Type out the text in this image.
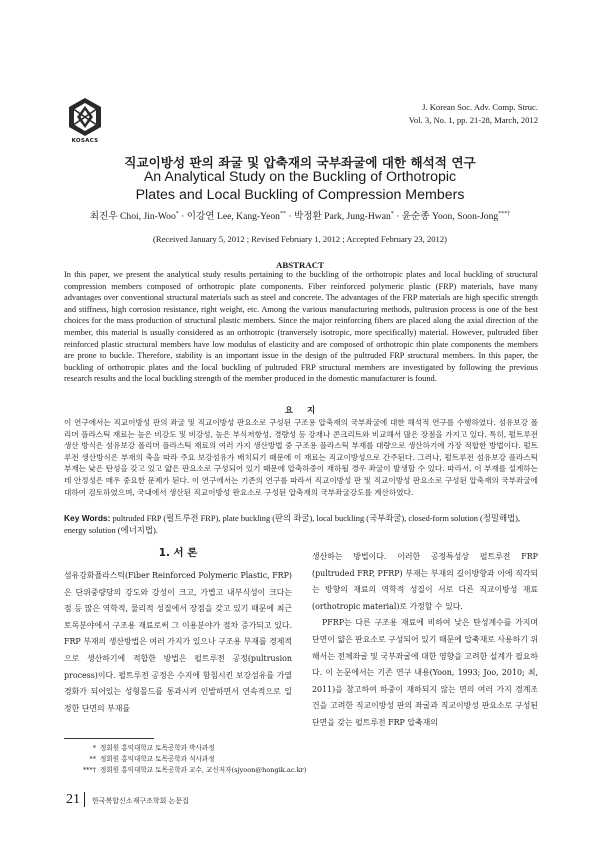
KOSACS
J. Korean Soc. Adv. Comp. Struc.
Vol. 3, No. 1, pp. 21-28, March, 2012
직교이방성 판의 좌굴 및 압축재의 국부좌굴에 대한 해석적 연구
An Analytical Study on the Buckling of Orthotropic
Plates and Local Buckling of Compression Members
최진우 Choi, Jin-Woo* · 이강연 Lee, Kang-Yeon** · 박정환 Park, Jung-Hwan* · 윤순종 Yoon, Soon-Jong***†
(Received January 5, 2012 ; Revised February 1, 2012 ; Accepted February 23, 2012)
ABSTRACT

In this paper, we present the analytical study results pertaining to the buckling of the orthotropic plates and local buckling of structural compression members composed of orthotropic plate components. Fiber reinforced polymeric plastic (FRP) materials, have many advantages over conventional structural materials such as steel and concrete. The advantages of the FRP materials are high specific strength and stiffness, high corrosion resistance, right weight, etc. Among the various manufacturing methods, pultrusion process is one of the best choices for the mass production of structural plastic members. Since the major reinforcing fibers are placed along the axial direction of the member, this material is usually considered as an orthotropic (tranversely isotropic, more specifically) material. However, pultruded fiber reinforced plastic structural members have low modulus of elasticity and are composed of orthotropic thin plate components the members are prone to buckle. Therefore, stability is an important issue in the design of the pultruded FRP structural members. In this paper, the buckling of orthotropic plates and the local buckling of pultruded FRP structural members are investigated by following the previous research results and the local buckling strength of the member produced in the domestic manufacturer is found.

요지

이 연구에서는 직교이방성 판의 좌굴 및 직교이방성 판요소로 구성된 구조용 압축재의 국부좌굴에 대한 해석적 연구를 수행하였다. 섬유보강 폴리머 플라스틱 재료는 높은 비강도 및 비강성, 높은 부식저항성, 경량성 등 강재나 콘크리트와 비교해서 많은 장점을 가지고 있다. 특히, 펄트루전 생산 방식은 섬유보강 폴리머 플라스틱 재료의 여러 가지 생산방법 중 구조용 플라스틱 부재를 대량으로 생산하기에 가장 적합한 방법이다. 펄트루전 생산방식은 부재의 축을 따라 주요 보강섬유가 배치되기 때문에 이 재료는 직교이방성으로 간주된다. 그러나, 펄트루전 섬유보강 플라스틱 부재는 낮은 탄성을 갖고 있고 얇은 판요소로 구성되어 있기 때문에 압축하중이 재하될 경우 좌굴이 발생할 수 있다. 따라서, 이 부재를 설계하는데 안정성은 매우 중요한 문제가 된다. 이 연구에서는 기존의 연구를 따라서 직교이방성 판 및 직교이방성 판요소로 구성된 압축재의 국부좌굴에 대하여 검토하였으며, 국내에서 생산된 직교이방성 판요소로 구성된 압축재의 국부좌굴강도를 계산하였다.

Key Words: pultruded FRP (펄트루전 FRP), plate buckling (판의 좌굴), local buckling (국부좌굴), closed-form solution (정밀해법), energy solution (에너지법).

1. 서 론

섬유강화플라스틱(Fiber Reinforced Polymeric Plastic, FRP)은 단위중량당의 강도와 강성이 크고, 가볍고 내부식성이 크다는 점 등 많은 역학적, 물리적 성질에서 장점을 갖고 있기 때문에 최근 토목분야에서 구조용 재료로써 그 이용분야가 점차 증가되고 있다. FRP 부재의 생산방법은 여러 가지가 있으나 구조용 부재를 경제적으로 생산하기에 적합한 방법은 펄트루전 공정(pultrusion process)이다. 펄트루전 공정은 수지에 함침시킨 보강섬유를 가열경화가 되어있는 성형몰드를 통과시켜 인발하면서 연속적으로 일정한 단면의 부재를

생산하는 방법이다. 이러한 공정특성상 펄트루전 FRP (pultruded FRP, PFRP) 부재는 부재의 길이방향과 이에 직각되는 방향의 재료의 역학적 성질이 서로 다른 직교이방성 재료(orthotropic material)로 가정할 수 있다.

PFRP는 다른 구조용 재료에 비하여 낮은 탄성계수를 가지며 단면이 얇은 판요소로 구성되어 있기 때문에 압축재로 사용하기 위해서는 전체좌굴 및 국부좌굴에 대한 영향을 고려한 설계가 필요하다. 이 논문에서는 기존 연구 내용(Yoon, 1993; Joo, 2010; 최, 2011)을 참고하여 하중이 재하되지 않는 면의 여러 가지 경계조건을 고려한 직교이방성 판의 좌굴과 직교이방성 판요소로 구성된 단면을 갖는 펄트루전 FRP 압축재의

* 정회원 홍익대학교 토목공학과 박사과정
** 정회원 홍익대학교 토목공학과 석사과정
***† 정회원 홍익대학교 토목공학과 교수, 교신저자(sjyoon@hongik.ac.kr)
21 한국복합신소재구조학회 논문집
